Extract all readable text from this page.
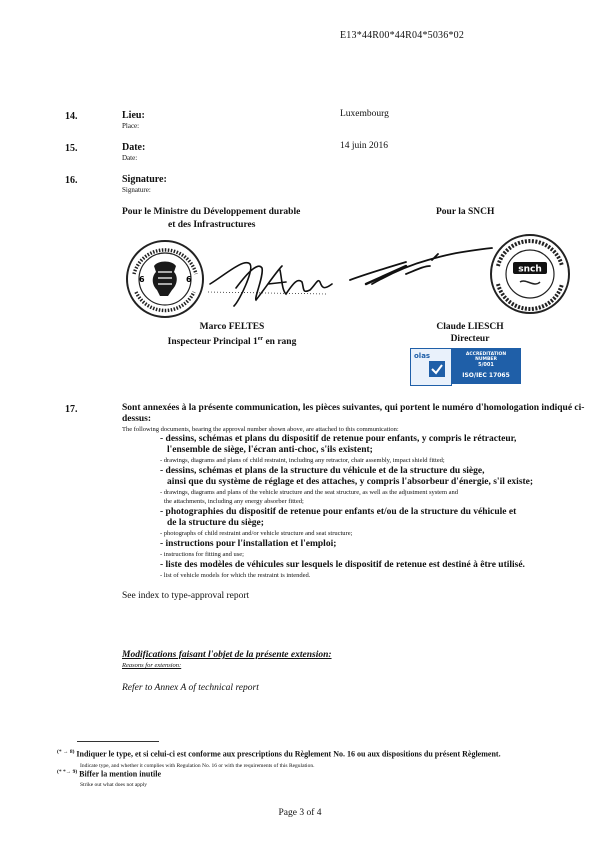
E13*44R00*44R04*5036*02
14.	Lieu:
Place:
Luxembourg
15.	Date:
Date:
14 juin 2016
16.	Signature:
Signature:
Pour le Ministre du Développement durable
et des Infrastructures
Pour la SNCH
6	6
snch
Marco FELTES
Inspecteur Principal 1er en rang
Claude LIESCH
Directeur
olas	ACCREDITATION
NUMBER
5/001
ISO/IEC 17065
17.	Sont annexées à la présente communication, les pièces suivantes, qui portent le numéro d'homologation indiqué ci-dessus:
The following documents, bearing the approval number shown above, are attached to this communication:
- dessins, schémas et plans du dispositif de retenue pour enfants, y compris le rétracteur,
l'ensemble de siège, l'écran anti-choc, s'ils existent;
- drawings, diagrams and plans of child restraint, including any retractor, chair assembly, impact shield fitted;
- dessins, schémas et plans de la structure du véhicule et de la structure du siège,
ainsi que du système de réglage et des attaches, y compris l'absorbeur d'énergie, s'il existe;
- drawings, diagrams and plans of the vehicle structure and the seat structure, as well as the adjustment system and
the attachments, including any energy absorber fitted;
- photographies du dispositif de retenue pour enfants et/ou de la structure du véhicule et
de la structure du siège;
- photographs of child restraint and/or vehicle structure and seat structure;
- instructions pour l'installation et l'emploi;
- instructions for fitting and use;
- liste des modèles de véhicules sur lesquels le dispositif de retenue est destiné à être utilisé.
- list of vehicle models for which the restraint is intended.
See index to type-approval report
Modifications faisant l'objet de la présente extension:
Reasons for extension:
Refer to Annex A of technical report
$^{(* \to 8)}$ Indiquer le type, et si celui-ci est conforme aux prescriptions du Règlement No. 16 ou aux dispositions du présent Règlement.
Indicate type, and whether it complies with Regulation No. 16 or with the requirements of this Regulation.
$^{(* *\to 9)}$ Biffer la mention inutile
Strike out what does not apply
Page 3 of 4
